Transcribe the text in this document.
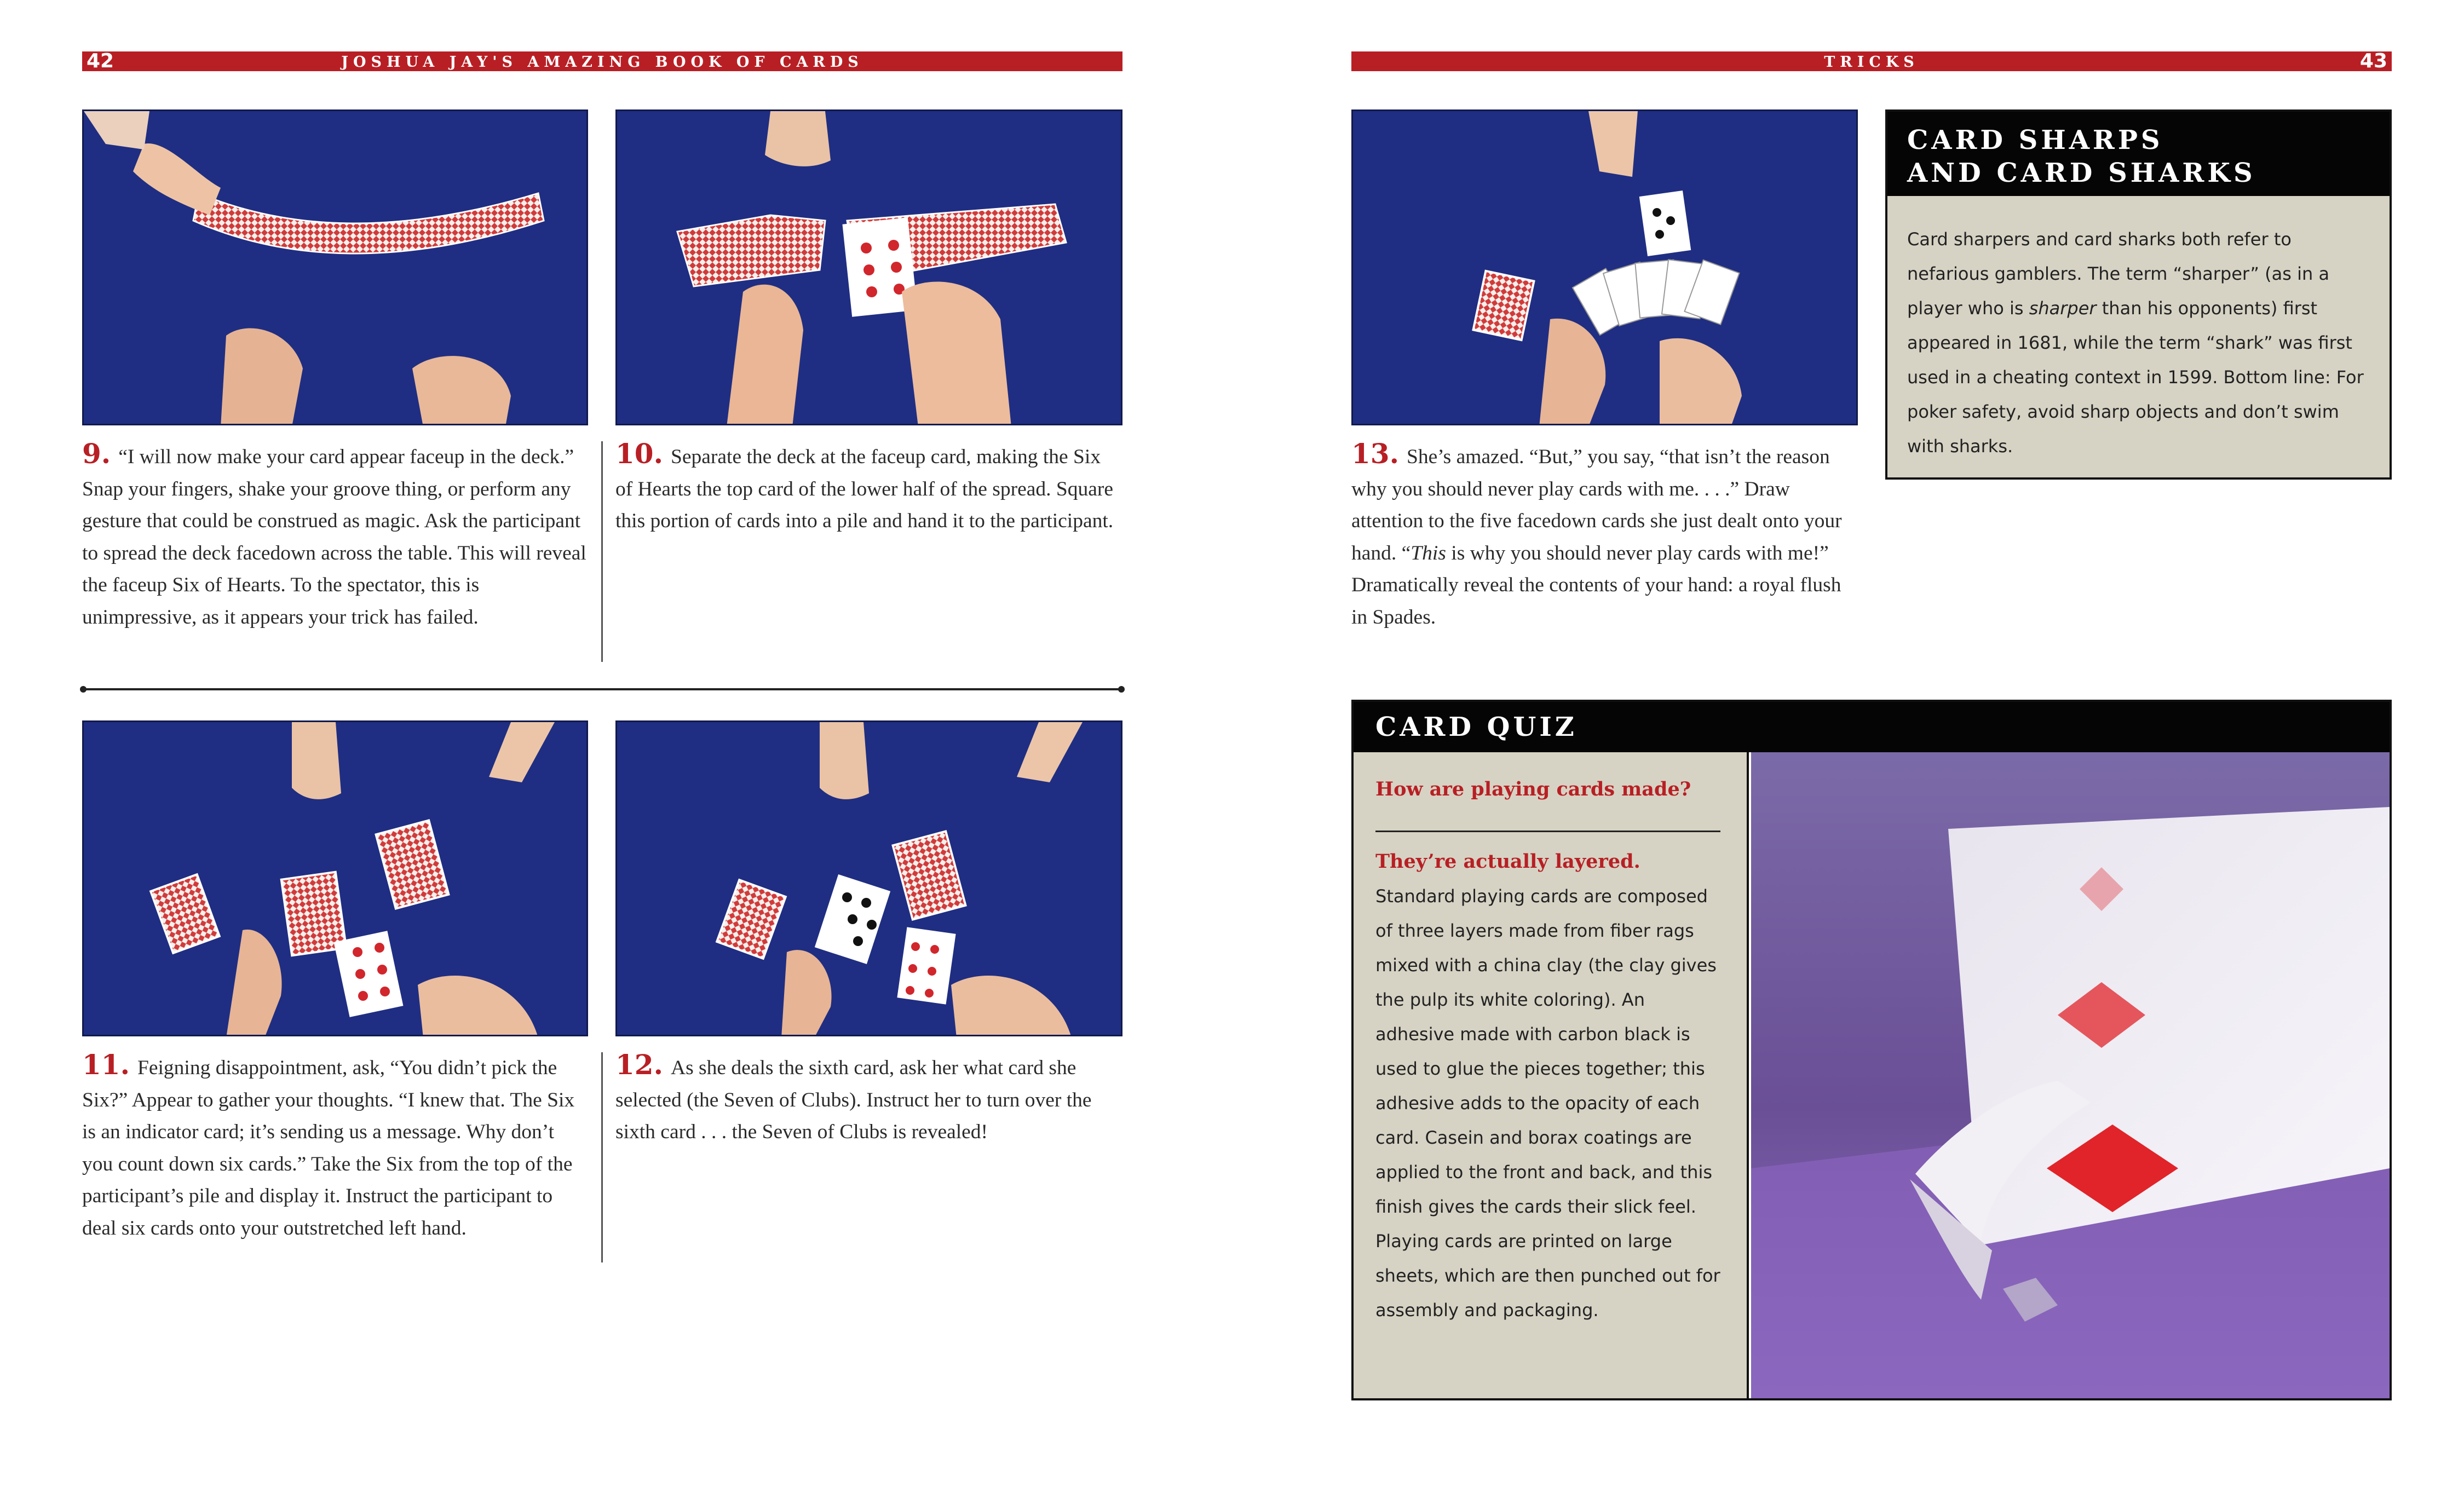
42	JOSHUA JAY'S AMAZING BOOK OF CARDS	TRICKS	43
9. “I will now make your card appear faceup in the deck.” Snap your fingers, shake your groove thing, or perform any gesture that could be construed as magic. Ask the participant to spread the deck facedown across the table. This will reveal the faceup Six of Hearts. To the spectator, this is unimpressive, as it appears your trick has failed.
10. Separate the deck at the faceup card, making the Six of Hearts the top card of the lower half of the spread. Square this portion of cards into a pile and hand it to the participant.
11. Feigning disappointment, ask, “You didn’t pick the Six?” Appear to gather your thoughts. “I knew that. The Six is an indicator card; it’s sending us a message. Why don’t you count down six cards.” Take the Six from the top of the participant’s pile and display it. Instruct the participant to deal six cards onto your outstretched left hand.
12. As she deals the sixth card, ask her what card she selected (the Seven of Clubs). Instruct her to turn over the sixth card . . . the Seven of Clubs is revealed!
13. She’s amazed. “But,” you say, “that isn’t the reason why you should never play cards with me. . . .” Draw attention to the five facedown cards she just dealt onto your hand. “This is why you should never play cards with me!” Dramatically reveal the contents of your hand: a royal flush in Spades.
CARD SHARPS
AND CARD SHARKS
Card sharpers and card sharks both refer to nefarious gamblers. The term “sharper” (as in a player who is sharper than his opponents) first appeared in 1681, while the term “shark” was first used in a cheating context in 1599. Bottom line: For poker safety, avoid sharp objects and don’t swim with sharks.
CARD QUIZ
How are playing cards made?
They’re actually layered. Standard playing cards are composed of three layers made from fiber rags mixed with a china clay (the clay gives the pulp its white coloring). An adhesive made with carbon black is used to glue the pieces together; this adhesive adds to the opacity of each card. Casein and borax coatings are applied to the front and back, and this finish gives the cards their slick feel. Playing cards are printed on large sheets, which are then punched out for assembly and packaging.
